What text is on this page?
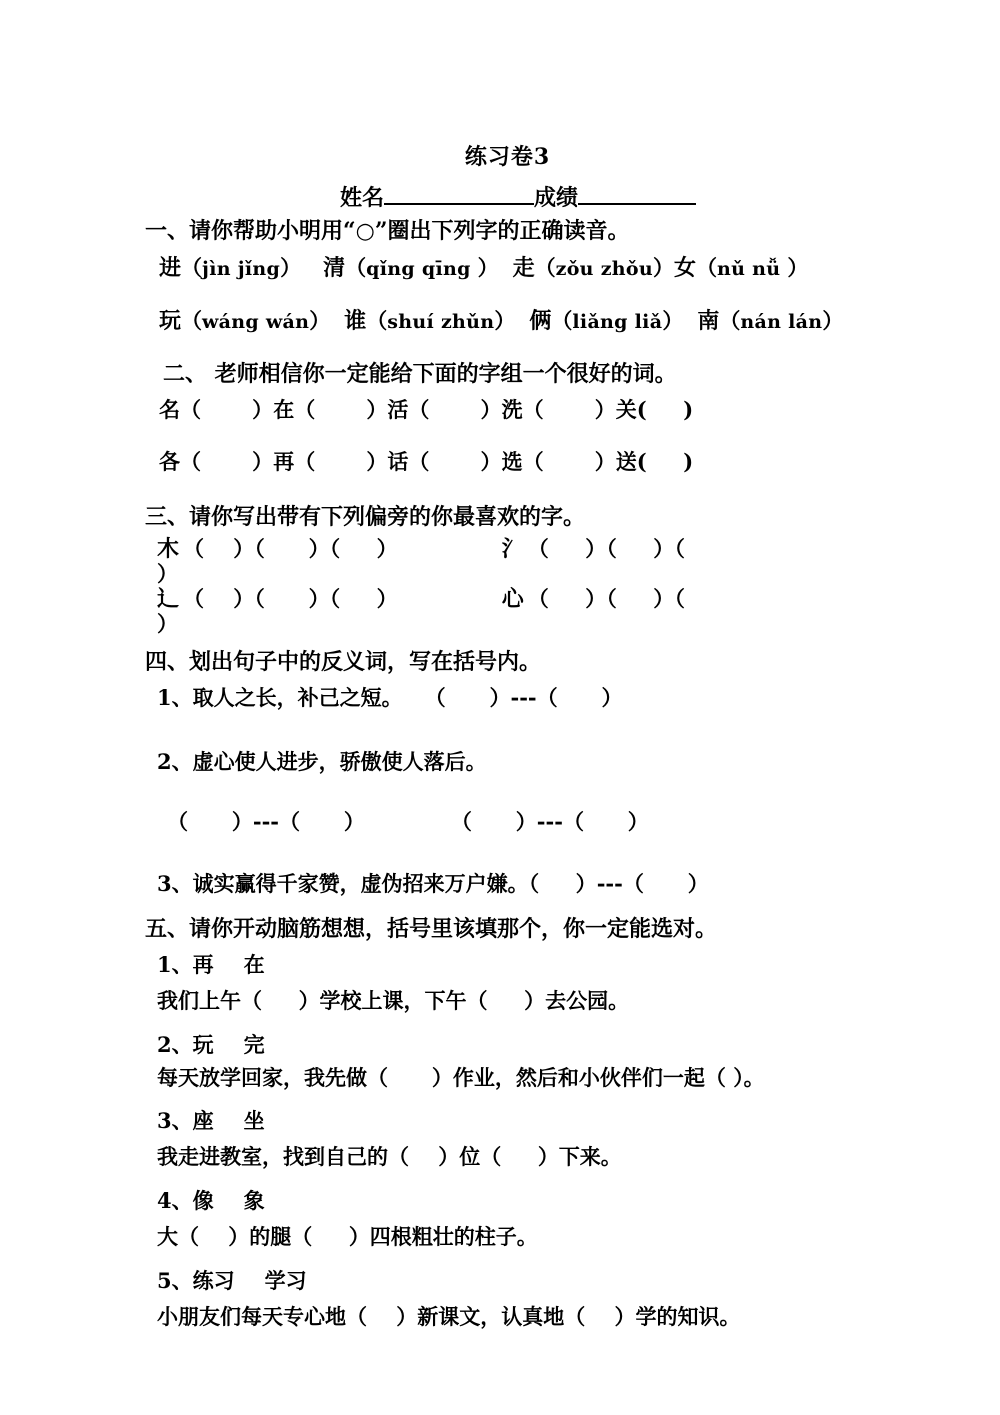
练习卷3
姓名	成绩
一、请你帮助小明用“○”圈出下列字的正确读音。
进（jìn jǐng） 清（qǐng qīng ） 走（zǒu zhǒu）女（nǔ nǚ ）
玩（wáng wán） 谁（shuí zhǔn） 俩（liǎng liǎ） 南（nán lán）
二、 老师相信你一定能给下面的字组一个很好的词。
名（       ）在（       ）活（       ）洗（       ）关(     )
各（       ）再（       ）话（       ）选（       ）送(     )
三、请你写出带有下列偏旁的你最喜欢的字。
木 （    ）（      ）（     ）	氵 （     ）（     ）（
）
辶 （    ）（      ）（     ）	心 （     ）（     ）（
）
四、划出句子中的反义词，写在括号内。
1、取人之长，补己之短。 （      ）---（      ）
2、虚心使人进步，骄傲使人落后。
（      ）---（      ）	（      ）---（      ）
3、诚实赢得千家赞，虚伪招来万户嫌。（     ）---（      ）
五、请你开动脑筋想想，括号里该填那个，你一定能选对。
1、再 在
我们上午（ ）学校上课，下午（ ）去公园。
2、玩 完
每天放学回家，我先做（ ）作业，然后和小伙伴们一起（ ）。
3、座 坐
我走进教室，找到自己的（ ）位（ ）下来。
4、像 象
大（ ）的腿（ ）四根粗壮的柱子。
5、练习 学习
小朋友们每天专心地（ ）新课文，认真地（ ）学的知识。
